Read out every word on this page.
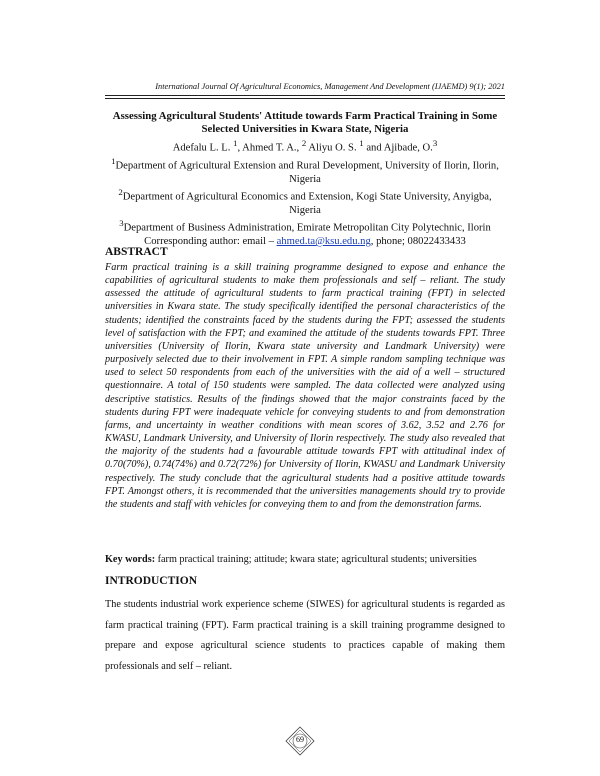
International Journal Of Agricultural Economics, Management And Development (IJAEMD) 9(1); 2021
Assessing Agricultural Students' Attitude towards Farm Practical Training in Some Selected Universities in Kwara State, Nigeria

Adefalu L. L. $^1$, Ahmed T. A., $^2$ Aliyu O. S. $^1$ and Ajibade, O.$^3$

$^1$Department of Agricultural Extension and Rural Development, University of Ilorin, Ilorin, Nigeria

$^2$Department of Agricultural Economics and Extension, Kogi State University, Anyigba, Nigeria

$^3$Department of Business Administration, Emirate Metropolitan City Polytechnic, Ilorin

Corresponding author: email – ahmed.ta@ksu.edu.ng, phone; 08022433433

ABSTRACT

Farm practical training is a skill training programme designed to expose and enhance the capabilities of agricultural students to make them professionals and self – reliant. The study assessed the attitude of agricultural students to farm practical training (FPT) in selected universities in Kwara state. The study specifically identified the personal characteristics of the students; identified the constraints faced by the students during the FPT; assessed the students level of satisfaction with the FPT; and examined the attitude of the students towards FPT. Three universities (University of Ilorin, Kwara state university and Landmark University) were purposively selected due to their involvement in FPT. A simple random sampling technique was used to select 50 respondents from each of the universities with the aid of a well – structured questionnaire. A total of 150 students were sampled. The data collected were analyzed using descriptive statistics. Results of the findings showed that the major constraints faced by the students during FPT were inadequate vehicle for conveying students to and from demonstration farms, and uncertainty in weather conditions with mean scores of 3.62, 3.52 and 2.76 for KWASU, Landmark University, and University of Ilorin respectively. The study also revealed that the majority of the students had a favourable attitude towards FPT with attitudinal index of 0.70(70%), 0.74(74%) and 0.72(72%) for University of Ilorin, KWASU and Landmark University respectively. The study conclude that the agricultural students had a positive attitude towards FPT. Amongst others, it is recommended that the universities managements should try to provide the students and staff with vehicles for conveying them to and from the demonstration farms.

Key words: farm practical training; attitude; kwara state; agricultural students; universities

INTRODUCTION

The students industrial work experience scheme (SIWES) for agricultural students is regarded as farm practical training (FPT). Farm practical training is a skill training programme designed to prepare and expose agricultural science students to practices capable of making them professionals and self – reliant.

69
